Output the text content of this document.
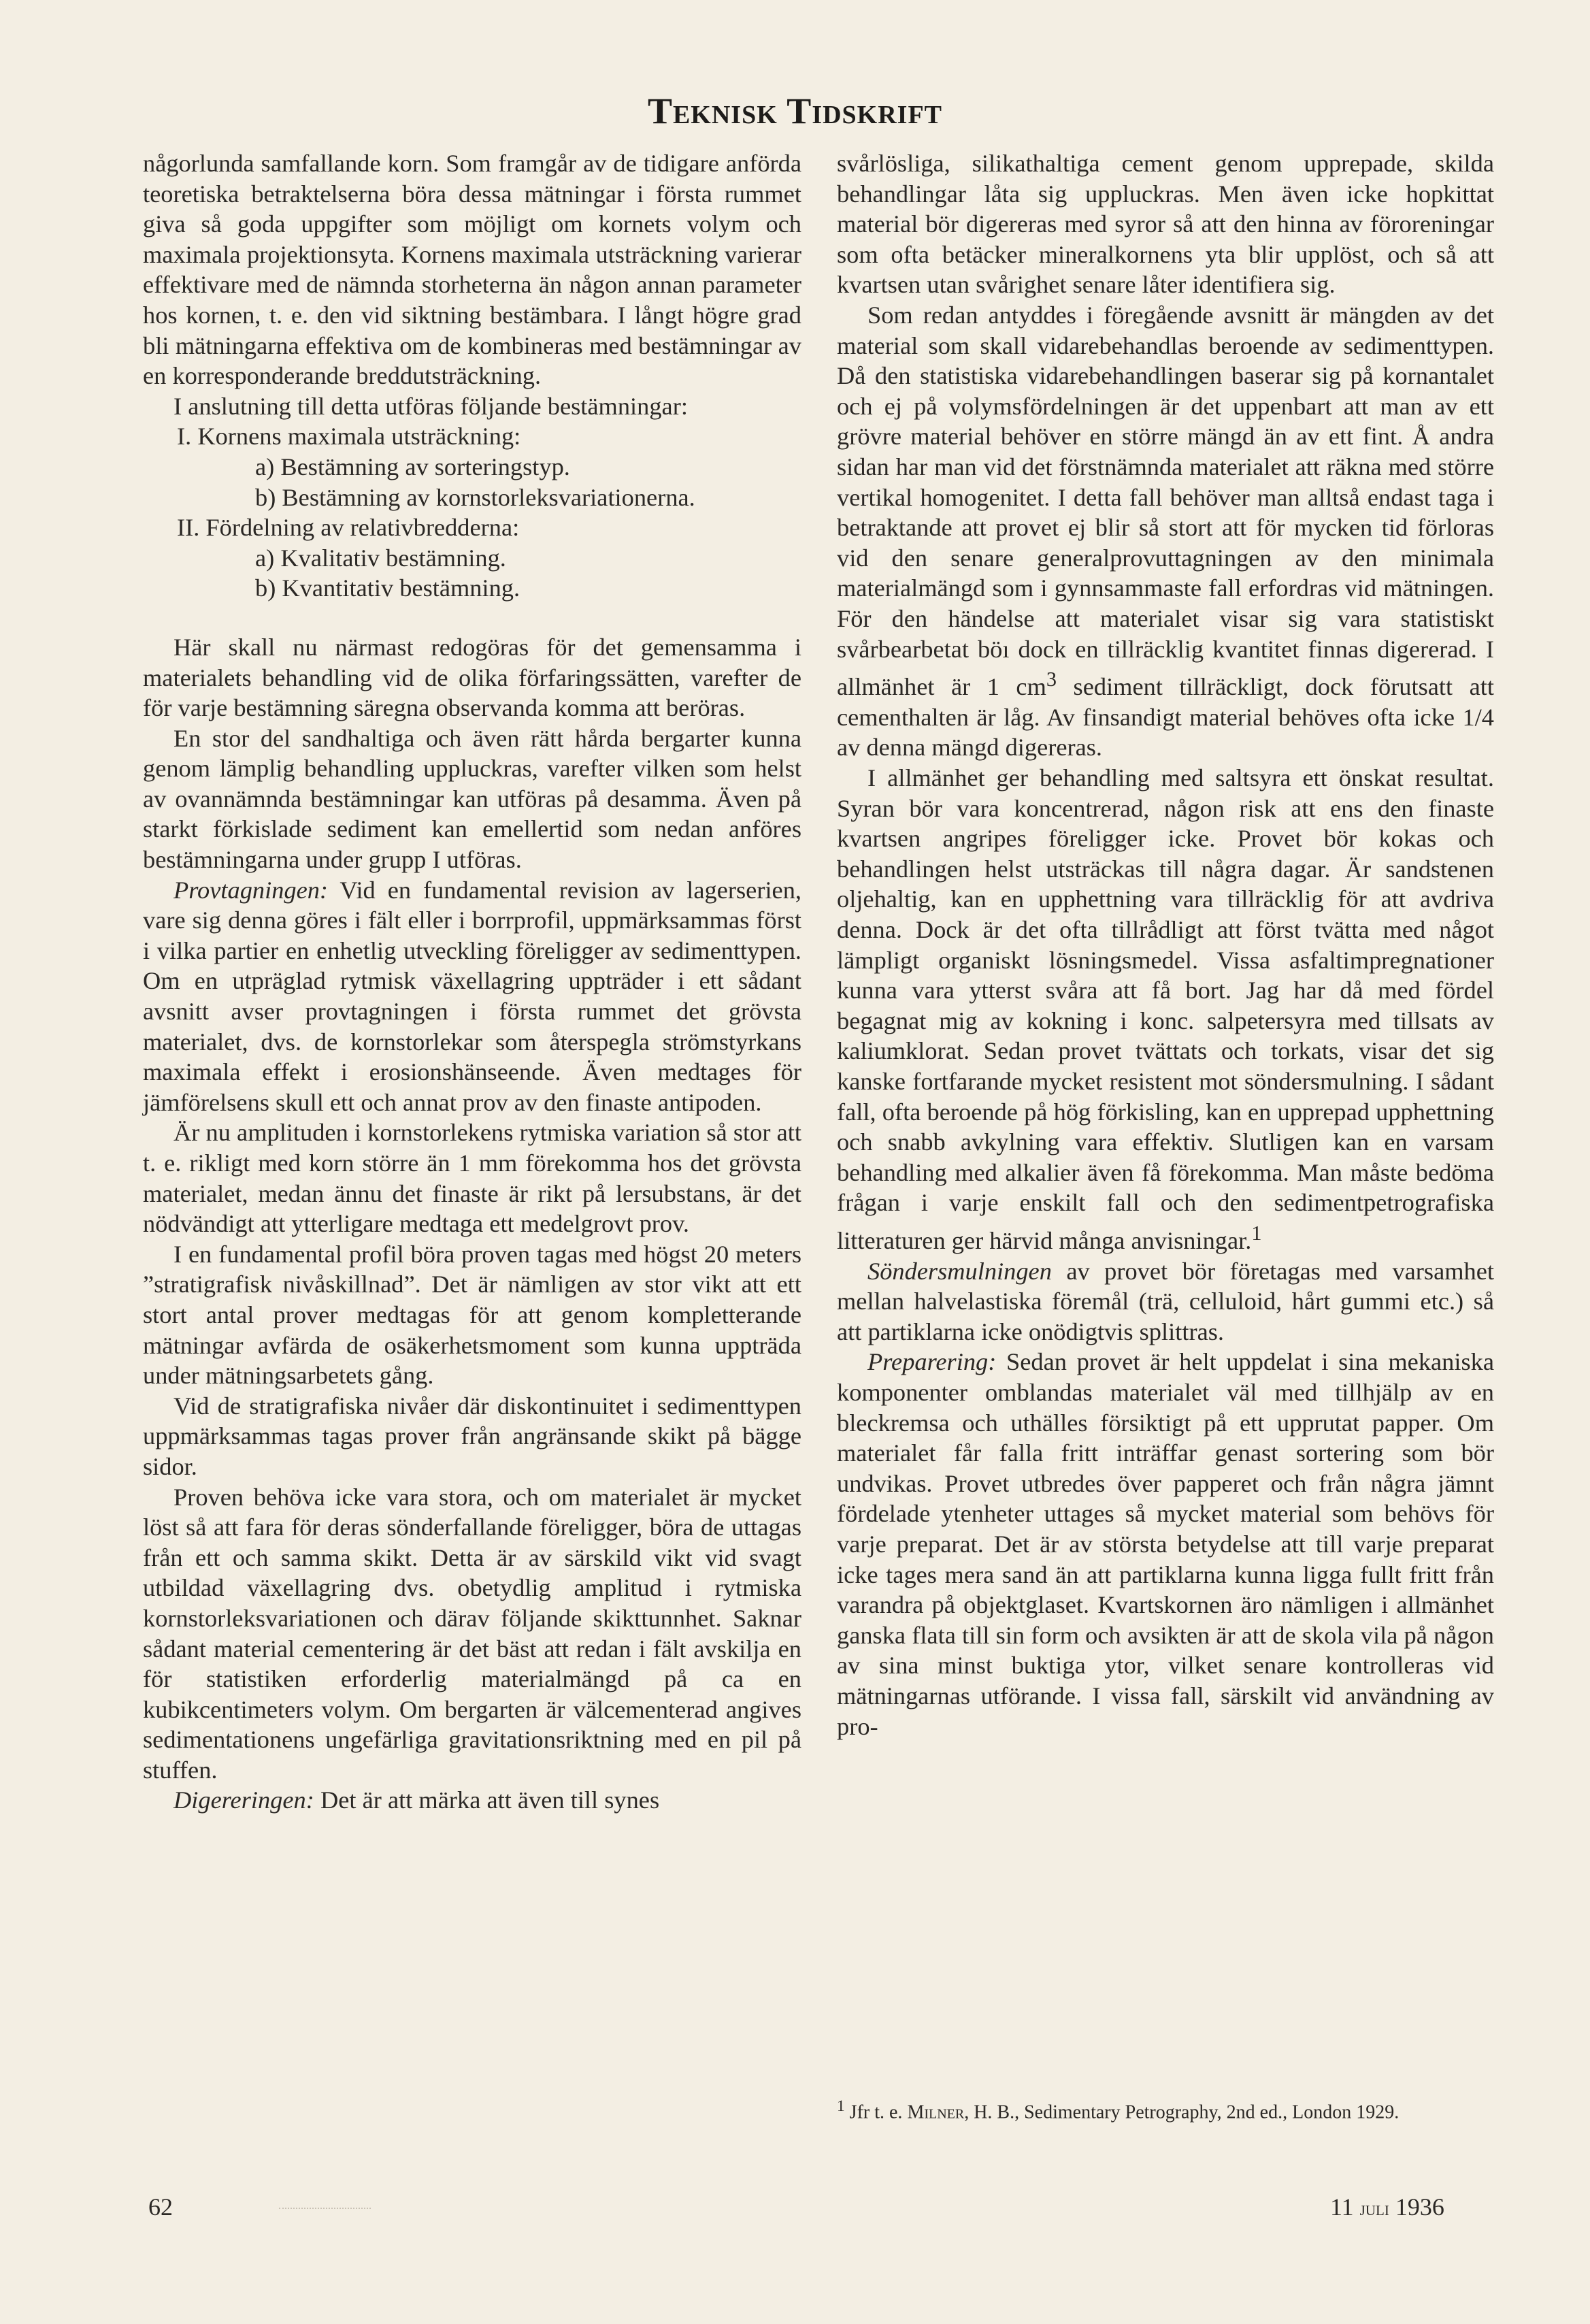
Teknisk Tidskrift

någorlunda samfallande korn. Som framgår av de tidigare anförda teoretiska betraktelserna böra dessa mätningar i första rummet giva så goda uppgifter som möjligt om kornets volym och maximala projektionsyta. Kornens maximala utsträckning varierar effektivare med de nämnda storheterna än någon annan parameter hos kornen, t. e. den vid siktning bestämbara. I långt högre grad bli mätningarna effektiva om de kombineras med bestämningar av en korresponderande breddutsträckning.

I anslutning till detta utföras följande bestämningar:

I. Kornens maximala utsträckning:
a) Bestämning av sorteringstyp.
b) Bestämning av kornstorleksvariationerna.
II. Fördelning av relativbredderna:
a) Kvalitativ bestämning.
b) Kvantitativ bestämning.

Här skall nu närmast redogöras för det gemensamma i materialets behandling vid de olika förfaringssätten, varefter de för varje bestämning säregna observanda komma att beröras.

En stor del sandhaltiga och även rätt hårda bergarter kunna genom lämplig behandling uppluckras, varefter vilken som helst av ovannämnda bestämningar kan utföras på desamma. Även på starkt förkislade sediment kan emellertid som nedan anföres bestämningarna under grupp I utföras.

Provtagningen: Vid en fundamental revision av lagerserien, vare sig denna göres i fält eller i borrprofil, uppmärksammas först i vilka partier en enhetlig utveckling föreligger av sedimenttypen. Om en utpräglad rytmisk växellagring uppträder i ett sådant avsnitt avser provtagningen i första rummet det grövsta materialet, dvs. de kornstorlekar som återspegla strömstyrkans maximala effekt i erosionshänseende. Även medtages för jämförelsens skull ett och annat prov av den finaste antipoden.

Är nu amplituden i kornstorlekens rytmiska variation så stor att t. e. rikligt med korn större än 1 mm förekomma hos det grövsta materialet, medan ännu det finaste är rikt på lersubstans, är det nödvändigt att ytterligare medtaga ett medelgrovt prov.

I en fundamental profil böra proven tagas med högst 20 meters ”stratigrafisk nivåskillnad”. Det är nämligen av stor vikt att ett stort antal prover medtagas för att genom kompletterande mätningar avfärda de osäkerhetsmoment som kunna uppträda under mätningsarbetets gång.

Vid de stratigrafiska nivåer där diskontinuitet i sedimenttypen uppmärksammas tagas prover från angränsande skikt på bägge sidor.

Proven behöva icke vara stora, och om materialet är mycket löst så att fara för deras sönderfallande föreligger, böra de uttagas från ett och samma skikt. Detta är av särskild vikt vid svagt utbildad växellagring dvs. obetydlig amplitud i rytmiska kornstorleksvariationen och därav följande skikttunnhet. Saknar sådant material cementering är det bäst att redan i fält avskilja en för statistiken erforderlig materialmängd på ca en kubikcentimeters volym. Om bergarten är välcementerad angives sedimentationens ungefärliga gravitationsriktning med en pil på stuffen.

Digereringen: Det är att märka att även till synes

svårlösliga, silikathaltiga cement genom upprepade, skilda behandlingar låta sig uppluckras. Men även icke hopkittat material bör digereras med syror så att den hinna av föroreningar som ofta betäcker mineralkornens yta blir upplöst, och så att kvartsen utan svårighet senare låter identifiera sig.

Som redan antyddes i föregående avsnitt är mängden av det material som skall vidarebehandlas beroende av sedimenttypen. Då den statistiska vidarebehandlingen baserar sig på kornantalet och ej på volymsfördelningen är det uppenbart att man av ett grövre material behöver en större mängd än av ett fint. Å andra sidan har man vid det förstnämnda materialet att räkna med större vertikal homogenitet. I detta fall behöver man alltså endast taga i betraktande att provet ej blir så stort att för mycken tid förloras vid den senare generalprovuttagningen av den minimala materialmängd som i gynnsammaste fall erfordras vid mätningen. För den händelse att materialet visar sig vara statistiskt svårbearbetat böı dock en tillräcklig kvantitet finnas digererad. I allmänhet är 1 $cm^3$ sediment tillräckligt, dock förutsatt att cementhalten är låg. Av finsandigt material behöves ofta icke 1/4 av denna mängd digereras.

I allmänhet ger behandling med saltsyra ett önskat resultat. Syran bör vara koncentrerad, någon risk att ens den finaste kvartsen angripes föreligger icke. Provet bör kokas och behandlingen helst utsträckas till några dagar. Är sandstenen oljehaltig, kan en upphettning vara tillräcklig för att avdriva denna. Dock är det ofta tillrådligt att först tvätta med något lämpligt organiskt lösningsmedel. Vissa asfaltimpregnationer kunna vara ytterst svåra att få bort. Jag har då med fördel begagnat mig av kokning i konc. salpetersyra med tillsats av kaliumklorat. Sedan provet tvättats och torkats, visar det sig kanske fortfarande mycket resistent mot söndersmulning. I sådant fall, ofta beroende på hög förkisling, kan en upprepad upphettning och snabb avkylning vara effektiv. Slutligen kan en varsam behandling med alkalier även få förekomma. Man måste bedöma frågan i varje enskilt fall och den sedimentpetrografiska litteraturen ger härvid många anvisningar.$^1$

Söndersmulningen av provet bör företagas med varsamhet mellan halvelastiska föremål (trä, celluloid, hårt gummi etc.) så att partiklarna icke onödigtvis splittras.

Preparering: Sedan provet är helt uppdelat i sina mekaniska komponenter omblandas materialet väl med tillhjälp av en bleckremsa och uthälles försiktigt på ett upprutat papper. Om materialet får falla fritt inträffar genast sortering som bör undvikas. Provet utbredes över papperet och från några jämnt fördelade ytenheter uttages så mycket material som behövs för varje preparat. Det är av största betydelse att till varje preparat icke tages mera sand än att partiklarna kunna ligga fullt fritt från varandra på objektglaset. Kvartskornen äro nämligen i allmänhet ganska flata till sin form och avsikten är att de skola vila på någon av sina minst buktiga ytor, vilket senare kontrolleras vid mätningarnas utförande. I vissa fall, särskilt vid användning av pro-

$^1$ Jfr t. e. Milner, H. B., Sedimentary Petrography, 2nd ed., London 1929.
62	11 juli 1936
